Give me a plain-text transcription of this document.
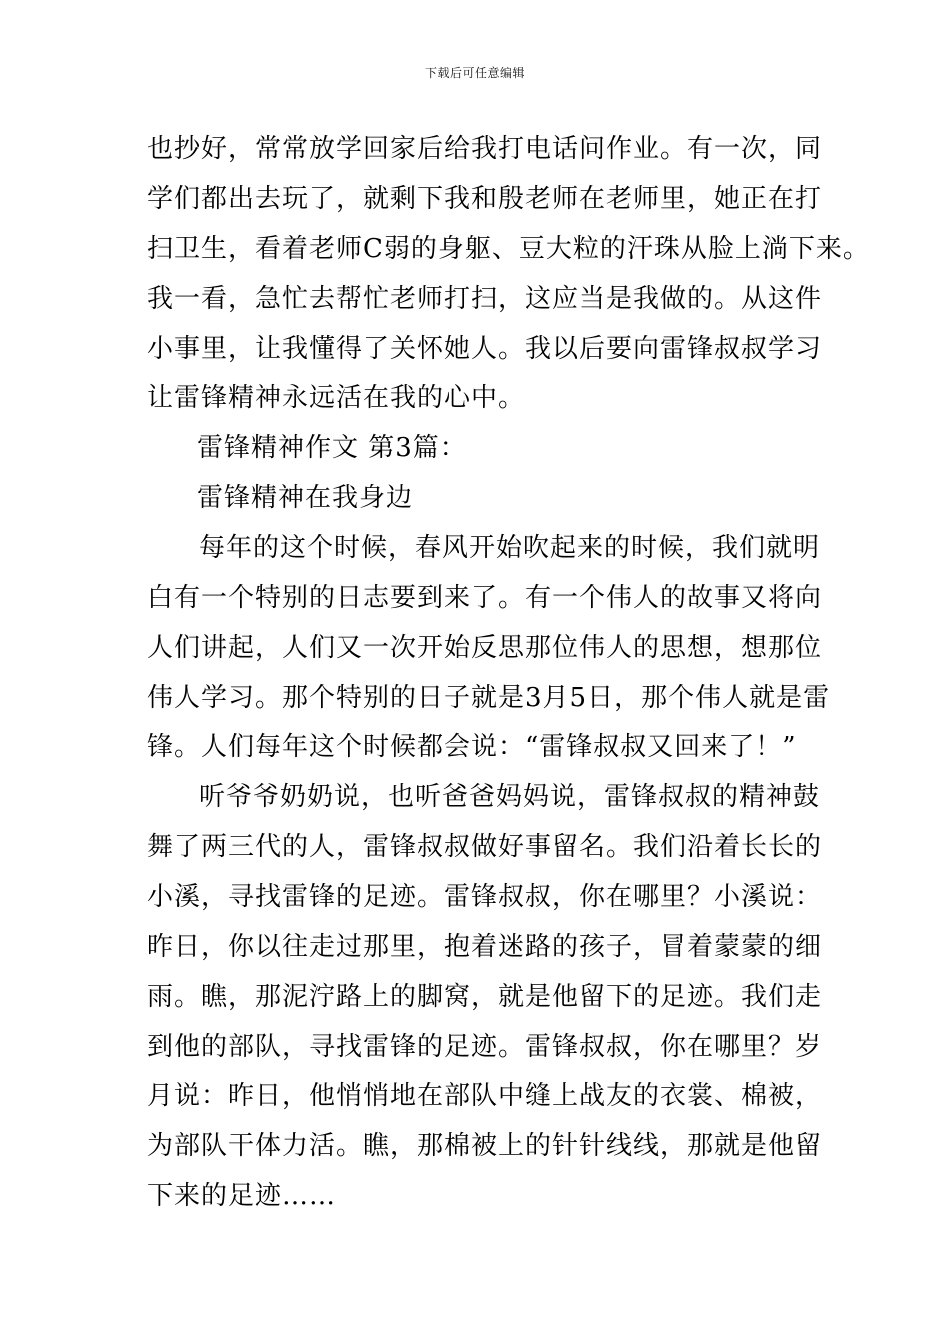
下载后可任意编辑
也抄好，常常放学回家后给我打电话问作业。有一次，同
学们都出去玩了，就剩下我和殷老师在老师里，她正在打
扫卫生，看着老师C弱的身躯、豆大粒的汗珠从脸上淌下来。
我一看，急忙去帮忙老师打扫，这应当是我做的。从这件
小事里，让我懂得了关怀她人。我以后要向雷锋叔叔学习
让雷锋精神永远活在我的心中。
雷锋精神作文 第3篇：
雷锋精神在我身边
每年的这个时候，春风开始吹起来的时候，我们就明
白有一个特别的日志要到来了。有一个伟人的故事又将向
人们讲起，人们又一次开始反思那位伟人的思想，想那位
伟人学习。那个特别的日子就是3月5日，那个伟人就是雷
锋。人们每年这个时候都会说：“雷锋叔叔又回来了！”
听爷爷奶奶说，也听爸爸妈妈说，雷锋叔叔的精神鼓
舞了两三代的人，雷锋叔叔做好事留名。我们沿着长长的
小溪，寻找雷锋的足迹。雷锋叔叔，你在哪里？小溪说：
昨日，你以往走过那里，抱着迷路的孩子，冒着蒙蒙的细
雨。瞧，那泥泞路上的脚窝，就是他留下的足迹。我们走
到他的部队，寻找雷锋的足迹。雷锋叔叔，你在哪里？岁
月说：昨日，他悄悄地在部队中缝上战友的衣裳、棉被，
为部队干体力活。瞧，那棉被上的针针线线，那就是他留
下来的足迹……
